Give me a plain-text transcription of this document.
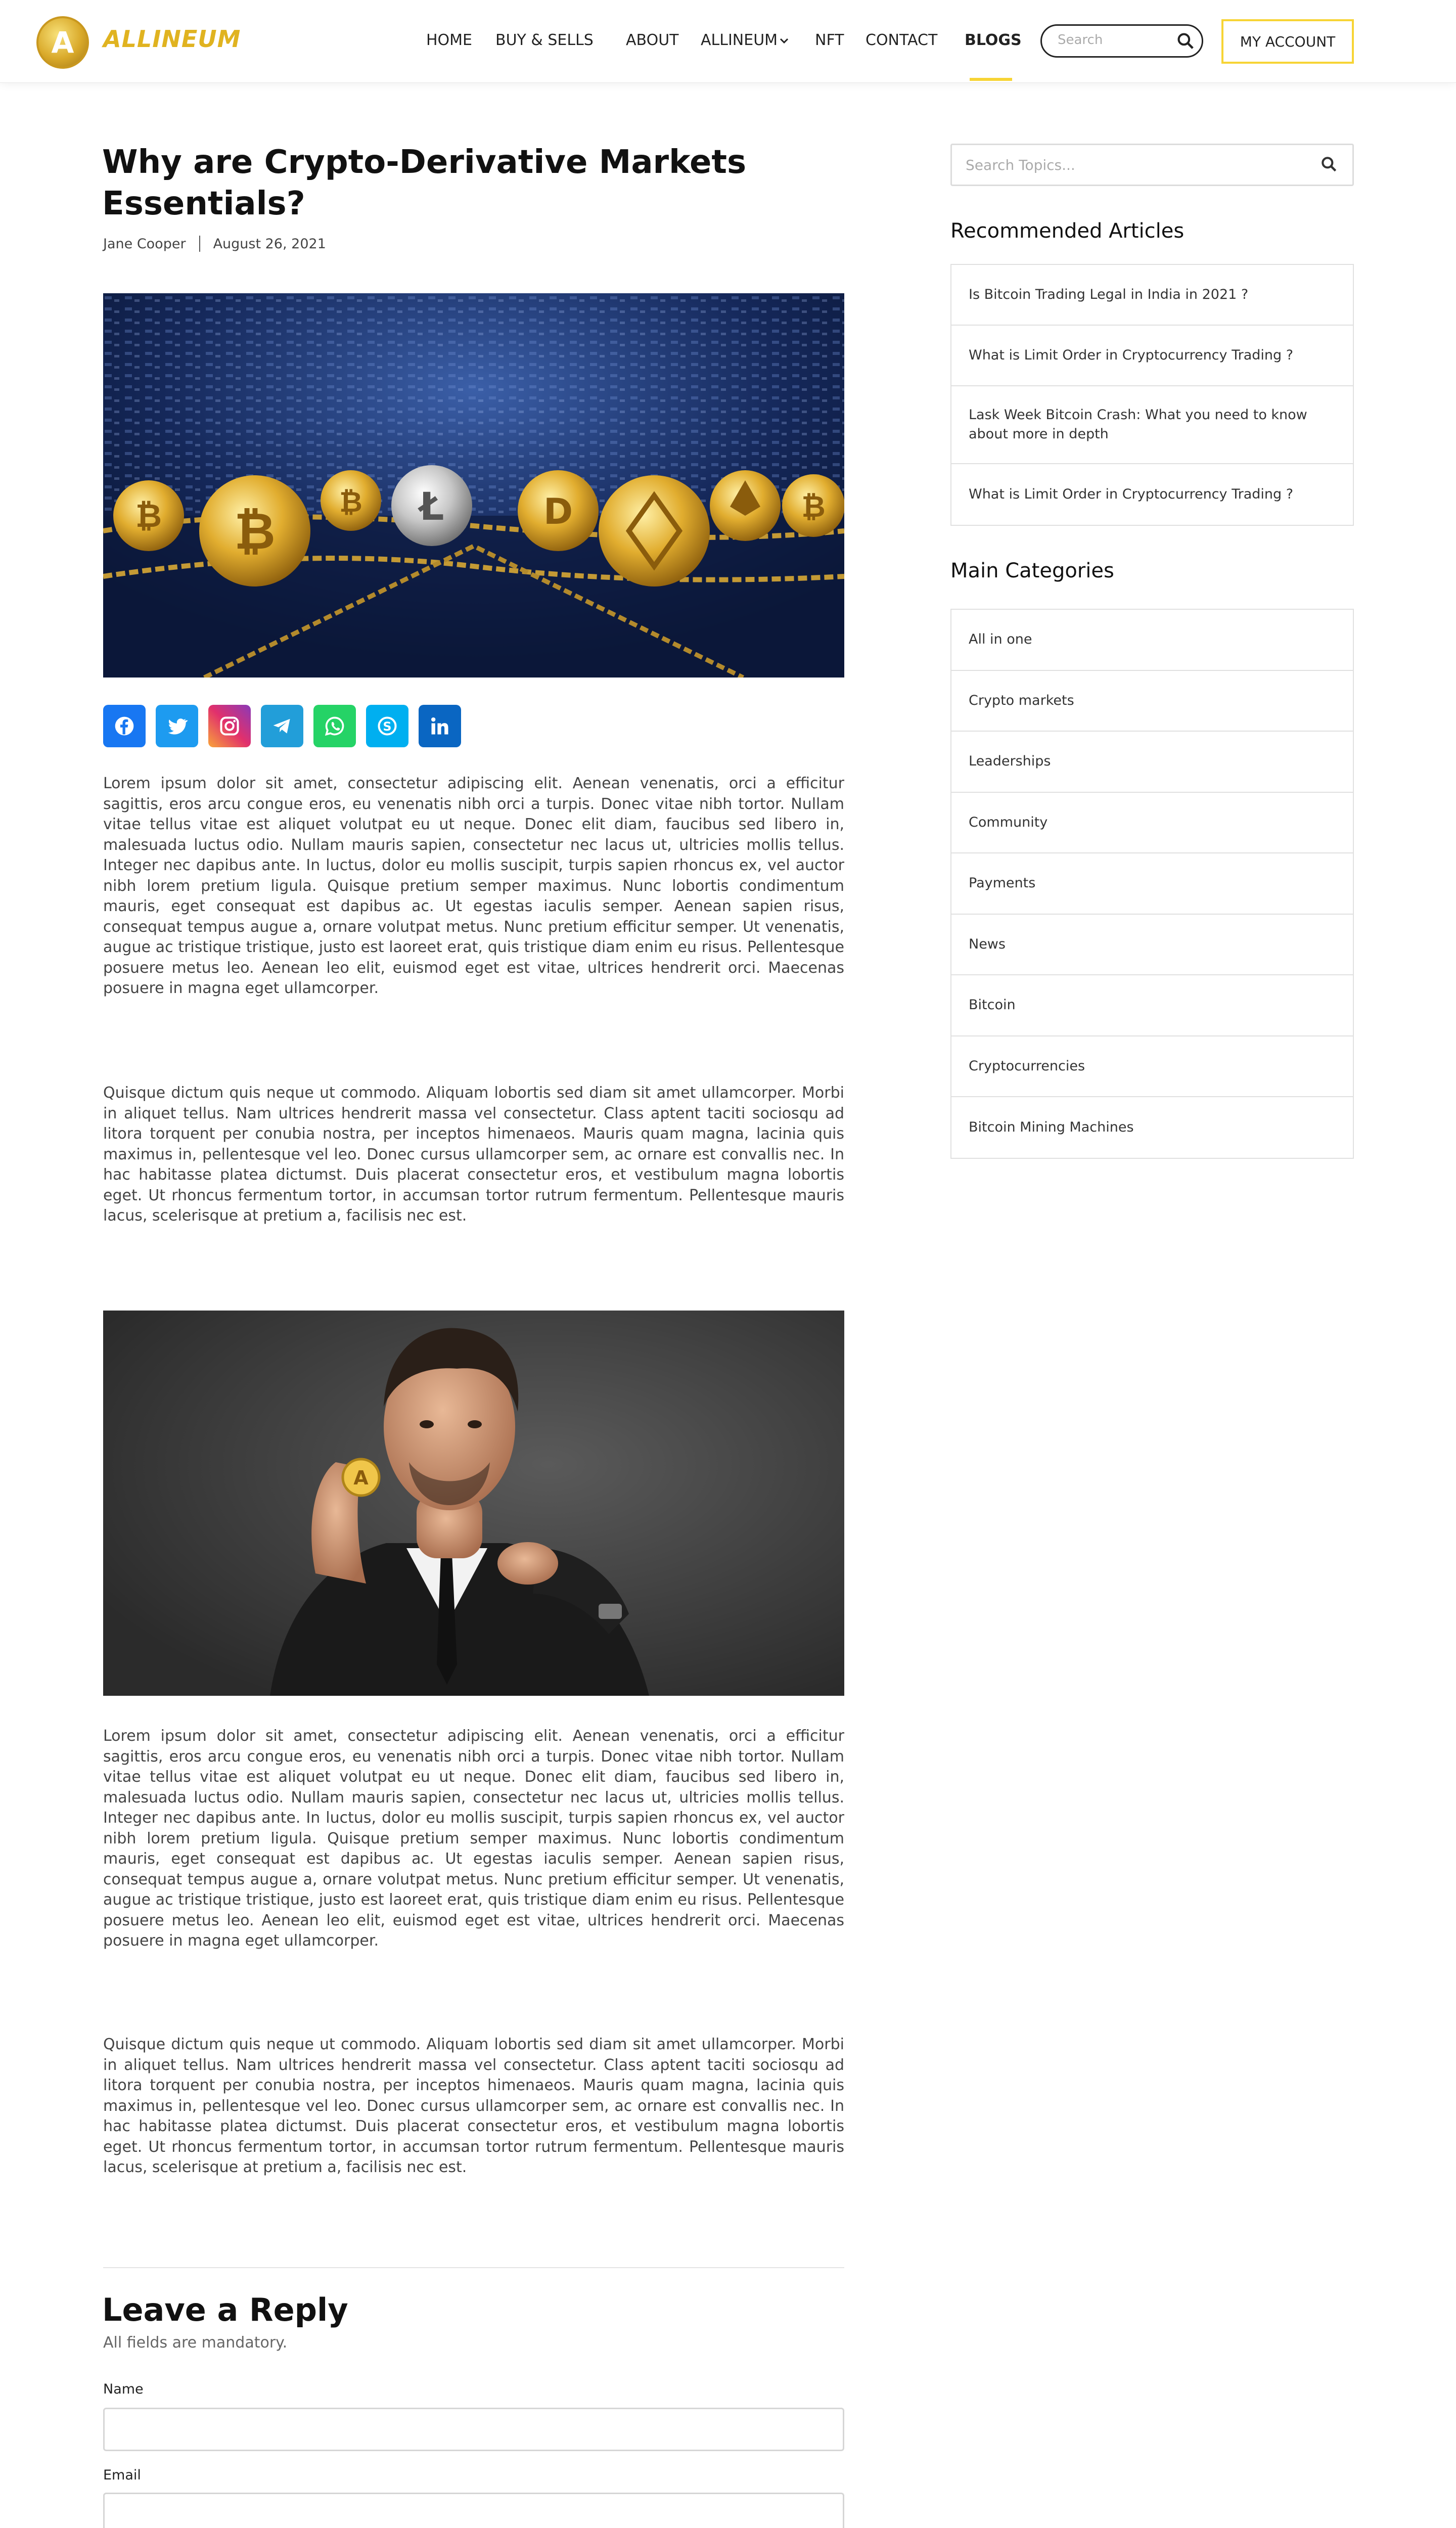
A ALLINEUM	HOME BUY & SELLS ABOUT ALLINEUM NFT CONTACT BLOGS	Search	MY ACCOUNT
Why are Crypto-Derivative Markets Essentials?
Jane Cooper August 26, 2021
₿ ₿ ₿ Ł	D	₿
S
Lorem ipsum dolor sit amet, consectetur adipiscing elit. Aenean venenatis, orci a efficitur sagittis, eros arcu congue eros, eu venenatis nibh orci a turpis. Donec vitae nibh tortor. Nullam vitae tellus vitae est aliquet volutpat eu ut neque. Donec elit diam, faucibus sed libero in, malesuada luctus odio. Nullam mauris sapien, consectetur nec lacus ut, ultricies mollis tellus. Integer nec dapibus ante. In luctus, dolor eu mollis suscipit, turpis sapien rhoncus ex, vel auctor nibh lorem pretium ligula. Quisque pretium semper maximus. Nunc lobortis condimentum mauris, eget consequat est dapibus ac. Ut egestas iaculis semper. Aenean sapien risus, consequat tempus augue a, ornare volutpat metus. Nunc pretium efficitur semper. Ut venenatis, augue ac tristique tristique, justo est laoreet erat, quis tristique diam enim eu risus. Pellentesque posuere metus leo. Aenean leo elit, euismod eget est vitae, ultrices hendrerit orci. Maecenas posuere in magna eget ullamcorper.
Quisque dictum quis neque ut commodo. Aliquam lobortis sed diam sit amet ullamcorper. Morbi in aliquet tellus. Nam ultrices hendrerit massa vel consectetur. Class aptent taciti sociosqu ad litora torquent per conubia nostra, per inceptos himenaeos. Mauris quam magna, lacinia quis maximus in, pellentesque vel leo. Donec cursus ullamcorper sem, ac ornare est convallis nec. In hac habitasse platea dictumst. Duis placerat consectetur eros, et vestibulum magna lobortis eget. Ut rhoncus fermentum tortor, in accumsan tortor rutrum fermentum. Pellentesque mauris lacus, scelerisque at pretium a, facilisis nec est.
A
Lorem ipsum dolor sit amet, consectetur adipiscing elit. Aenean venenatis, orci a efficitur sagittis, eros arcu congue eros, eu venenatis nibh orci a turpis. Donec vitae nibh tortor. Nullam vitae tellus vitae est aliquet volutpat eu ut neque. Donec elit diam, faucibus sed libero in, malesuada luctus odio. Nullam mauris sapien, consectetur nec lacus ut, ultricies mollis tellus. Integer nec dapibus ante. In luctus, dolor eu mollis suscipit, turpis sapien rhoncus ex, vel auctor nibh lorem pretium ligula. Quisque pretium semper maximus. Nunc lobortis condimentum mauris, eget consequat est dapibus ac. Ut egestas iaculis semper. Aenean sapien risus, consequat tempus augue a, ornare volutpat metus. Nunc pretium efficitur semper. Ut venenatis, augue ac tristique tristique, justo est laoreet erat, quis tristique diam enim eu risus. Pellentesque posuere metus leo. Aenean leo elit, euismod eget est vitae, ultrices hendrerit orci. Maecenas posuere in magna eget ullamcorper.
Quisque dictum quis neque ut commodo. Aliquam lobortis sed diam sit amet ullamcorper. Morbi in aliquet tellus. Nam ultrices hendrerit massa vel consectetur. Class aptent taciti sociosqu ad litora torquent per conubia nostra, per inceptos himenaeos. Mauris quam magna, lacinia quis maximus in, pellentesque vel leo. Donec cursus ullamcorper sem, ac ornare est convallis nec. In hac habitasse platea dictumst. Duis placerat consectetur eros, et vestibulum magna lobortis eget. Ut rhoncus fermentum tortor, in accumsan tortor rutrum fermentum. Pellentesque mauris lacus, scelerisque at pretium a, facilisis nec est.
Leave a Reply
All fields are mandatory.
Name
Email
Search Topics...
Recommended Articles
Is Bitcoin Trading Legal in India in 2021 ?
What is Limit Order in Cryptocurrency Trading ?
Lask Week Bitcoin Crash: What you need to know about more in depth
What is Limit Order in Cryptocurrency Trading ?
Main Categories
All in one
Crypto markets
Leaderships
Community
Payments
News
Bitcoin
Cryptocurrencies
Bitcoin Mining Machines
